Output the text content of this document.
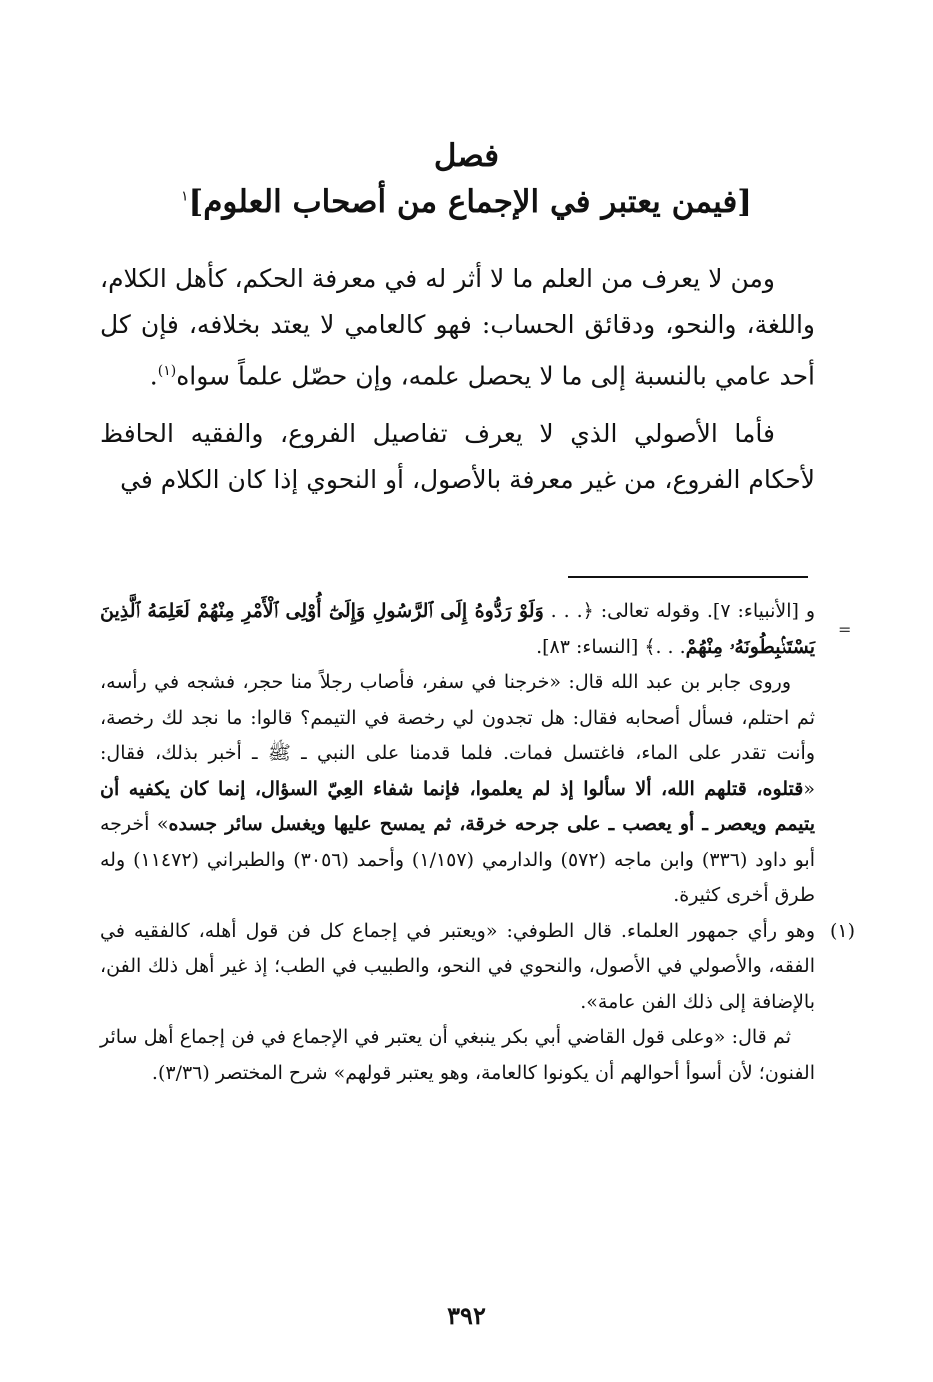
فصل
[فيمن يعتبر في الإجماع من أصحاب العلوم]$^١$

ومن لا يعرف من العلم ما لا أثر له في معرفة الحكم، كأهل الكلام، واللغة، والنحو، ودقائق الحساب: فهو كالعامي لا يعتد بخلافه، فإن كل أحد عامي بالنسبة إلى ما لا يحصل علمه، وإن حصّل علماً سواه$^{(١)}$.

فأما الأصولي الذي لا يعرف تفاصيل الفروع، والفقيه الحافظ لأحكام الفروع، من غير معرفة بالأصول، أو النحوي إذا كان الكلام في

=

و [الأنبياء: ٧]. وقوله تعالى: ﴿. . . وَلَوْ رَدُّوهُ إِلَى ٱلرَّسُولِ وَإِلَىٰٓ أُوْلِى ٱلْأَمْرِ مِنْهُمْ لَعَلِمَهُ ٱلَّذِينَ يَسْتَنۢبِطُونَهُۥ مِنْهُمْ. . .﴾ [النساء: ٨٣].

وروى جابر بن عبد الله قال: «خرجنا في سفر، فأصاب رجلاً منا حجر، فشجه في رأسه، ثم احتلم، فسأل أصحابه فقال: هل تجدون لي رخصة في التيمم؟ قالوا: ما نجد لك رخصة، وأنت تقدر على الماء، فاغتسل فمات. فلما قدمنا على النبي ـ ﷺ ـ أخبر بذلك، فقال: «قتلوه، قتلهم الله، ألا سألوا إذ لم يعلموا، فإنما شفاء العِيّ السؤال، إنما كان يكفيه أن يتيمم ويعصر ـ أو يعصب ـ على جرحه خرقة، ثم يمسح عليها ويغسل سائر جسده» أخرجه أبو داود (٣٣٦) وابن ماجه (٥٧٢) والدارمي (١/١٥٧) وأحمد (٣٠٥٦) والطبراني (١١٤٧٢) وله طرق أخرى كثيرة.

(١)
وهو رأي جمهور العلماء. قال الطوفي: «ويعتبر في إجماع كل فن قول أهله، كالفقيه في الفقه، والأصولي في الأصول، والنحوي في النحو، والطبيب في الطب؛ إذ غير أهل ذلك الفن، بالإضافة إلى ذلك الفن عامة».

ثم قال: «وعلى قول القاضي أبي بكر ينبغي أن يعتبر في الإجماع في فن إجماع أهل سائر الفنون؛ لأن أسوأ أحوالهم أن يكونوا كالعامة، وهو يعتبر قولهم» شرح المختصر (٣/٣٦).

٣٩٢
